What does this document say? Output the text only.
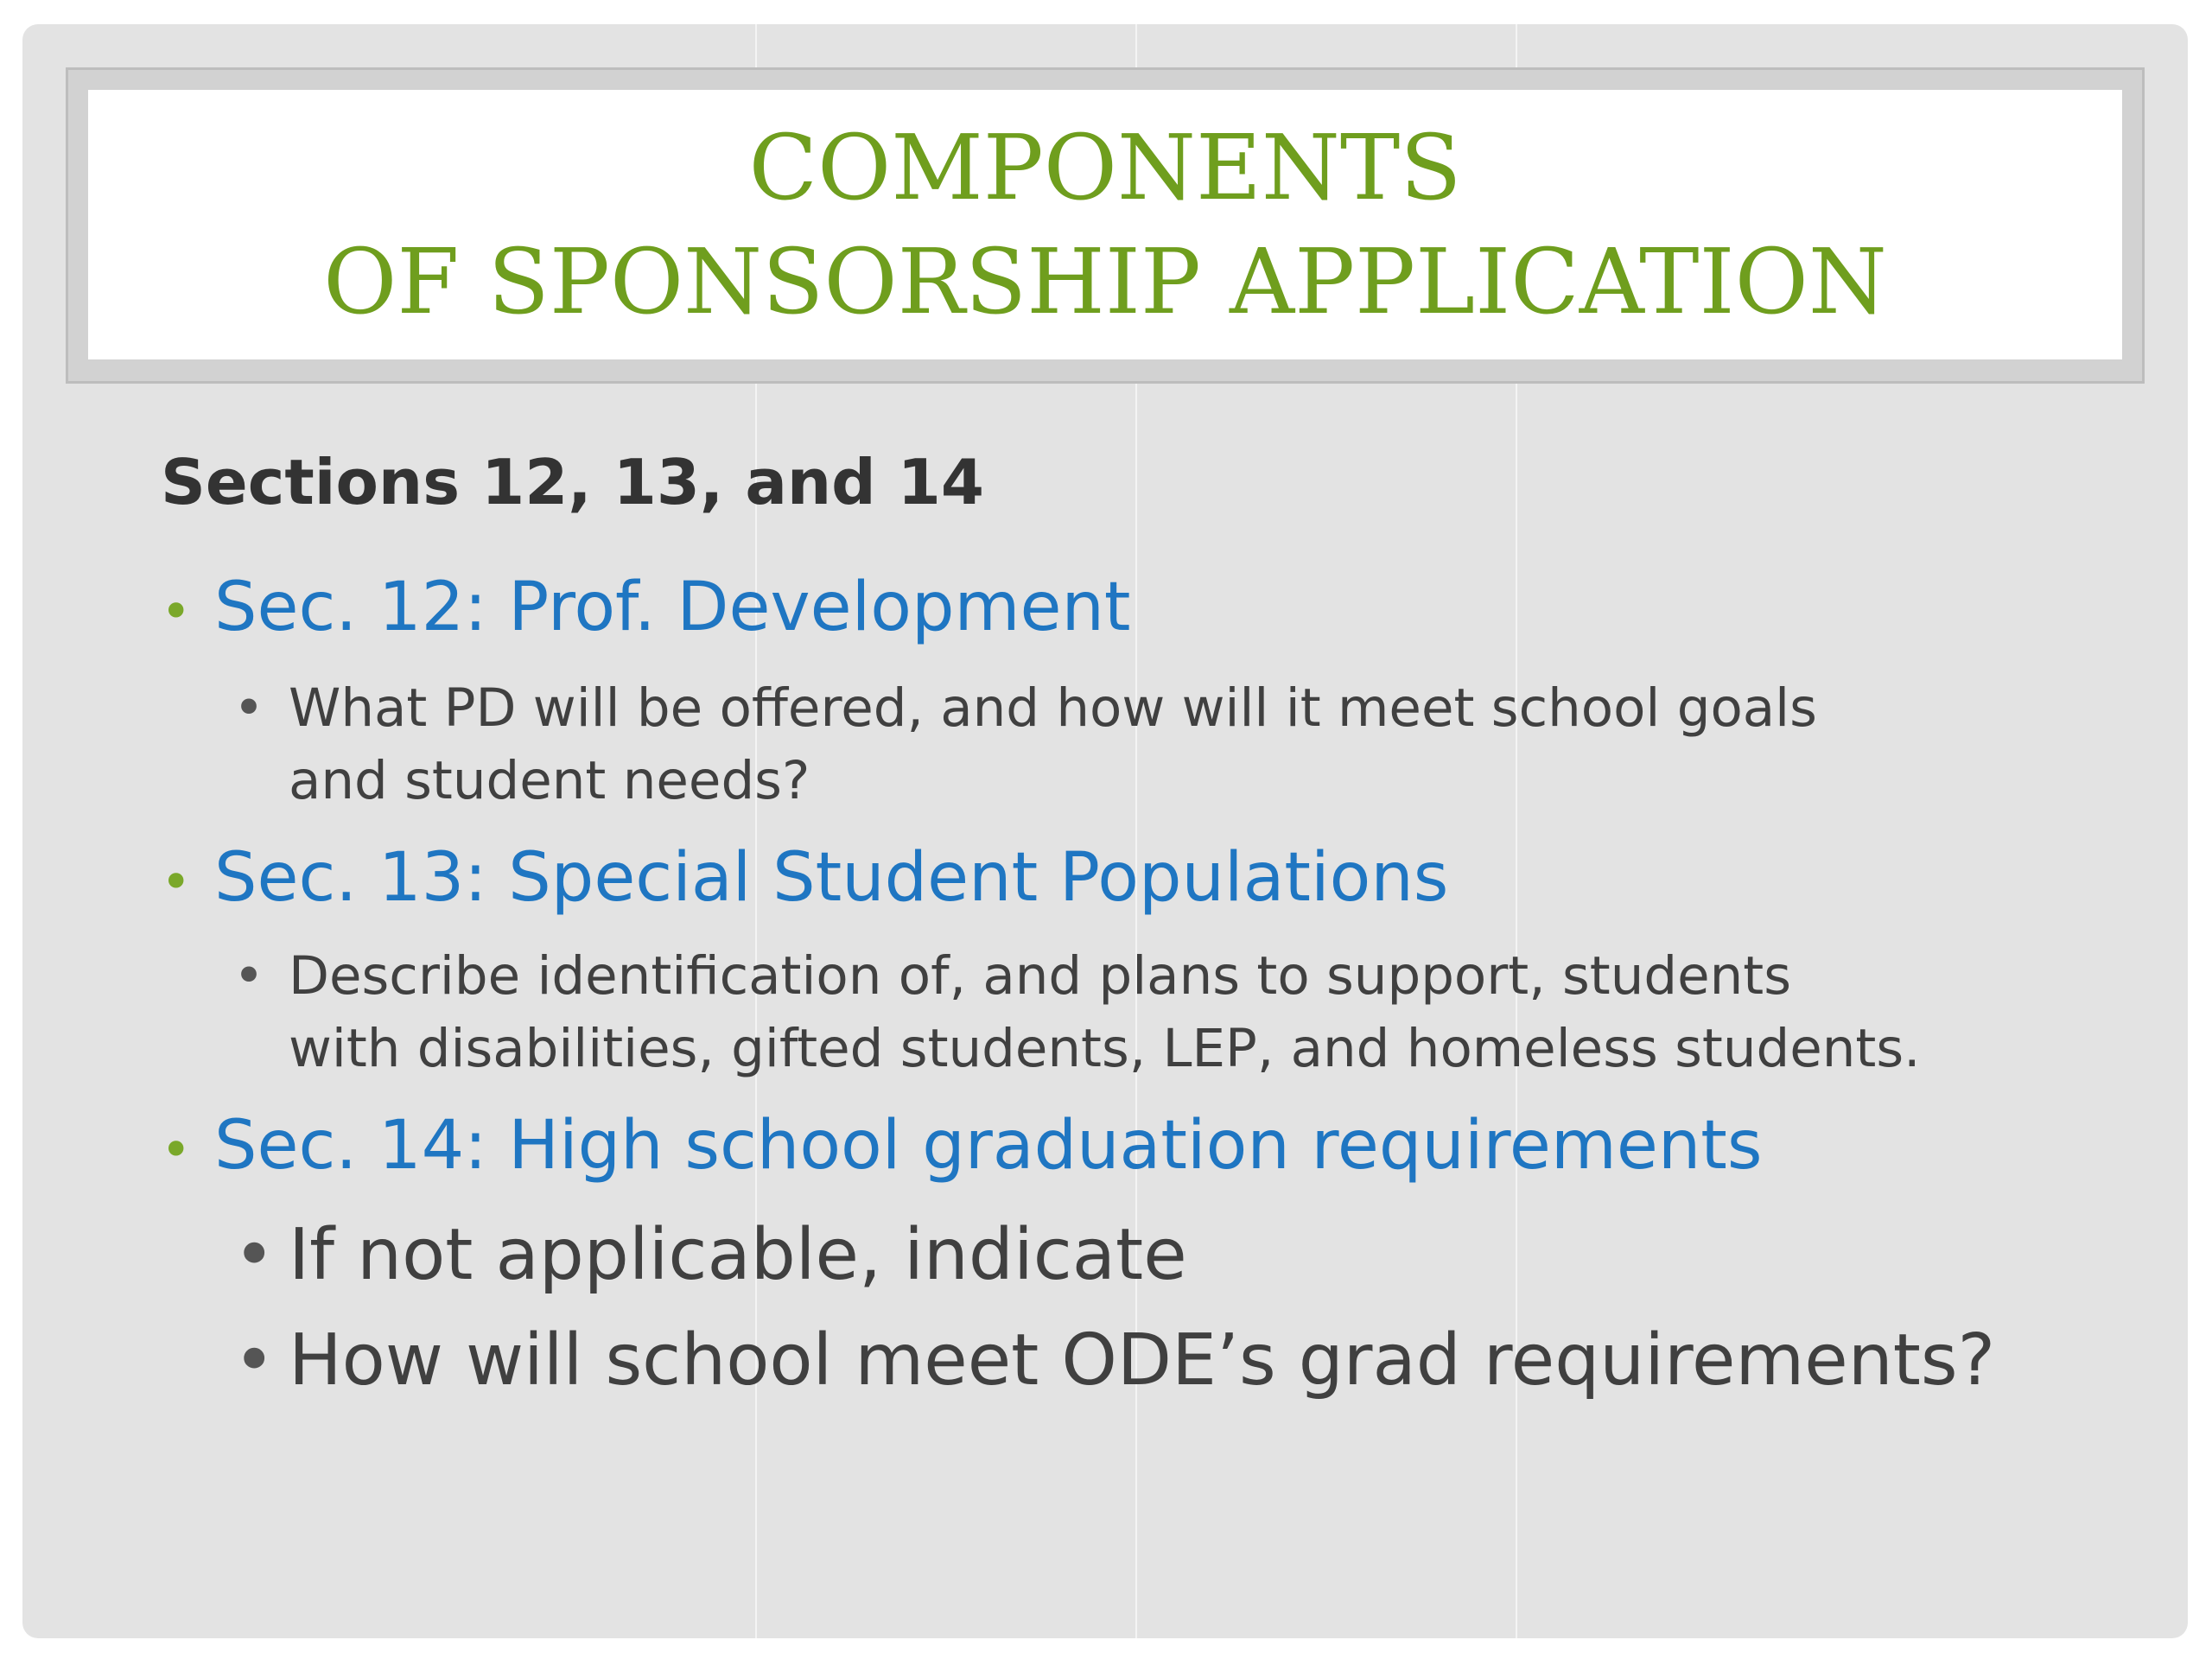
COMPONENTS
OF SPONSORSHIP APPLICATION
Sections 12, 13, and 14
• Sec. 12: Prof. Development
• What PD will be offered, and how will it meet school goals
and student needs?
• Sec. 13: Special Student Populations
• Describe identification of, and plans to support, students
with disabilities, gifted students, LEP, and homeless students.
• Sec. 14: High school graduation requirements
• If not applicable, indicate
• How will school meet ODE’s grad requirements?
